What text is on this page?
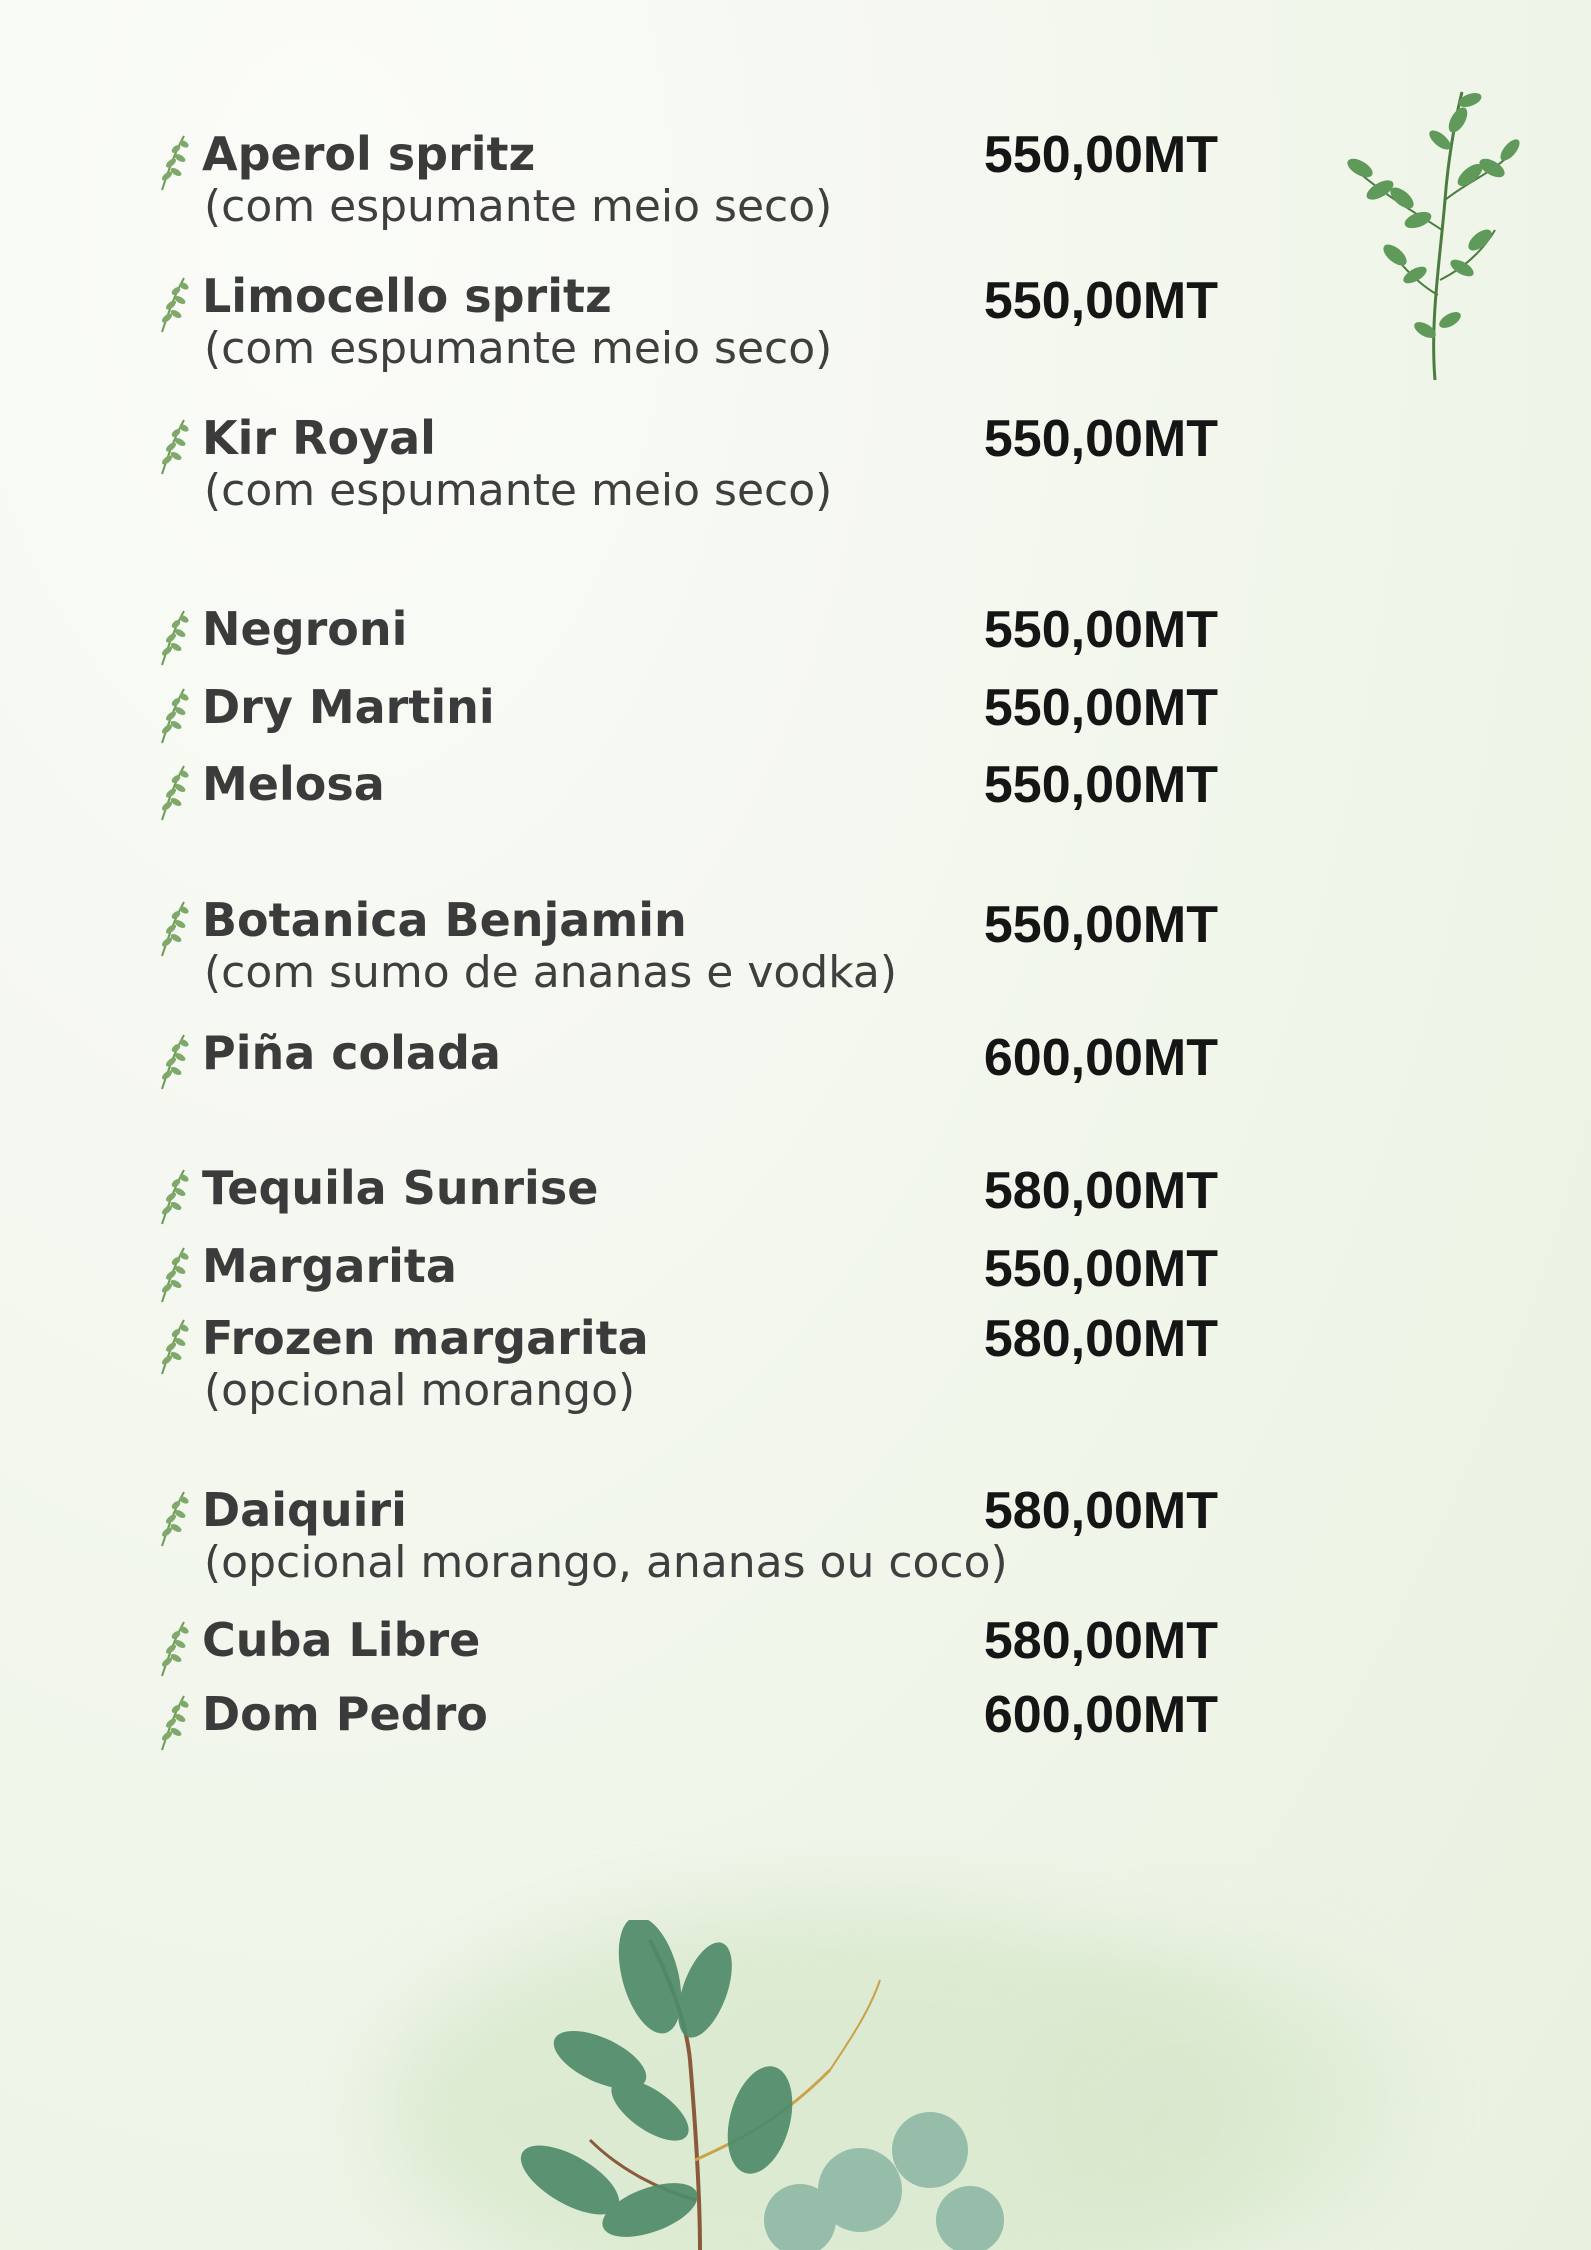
Aperol spritz	550,00MT
(com espumante meio seco)
Limocello spritz	550,00MT
(com espumante meio seco)
Kir Royal	550,00MT
(com espumante meio seco)
Negroni	550,00MT
Dry Martini	550,00MT
Melosa	550,00MT
Botanica Benjamin	550,00MT
(com sumo de ananas e vodka)
Piña colada	600,00MT
Tequila Sunrise	580,00MT
Margarita	550,00MT
Frozen margarita	580,00MT
(opcional morango)
Daiquiri	580,00MT
(opcional morango, ananas ou coco)
Cuba Libre	580,00MT
Dom Pedro	600,00MT
